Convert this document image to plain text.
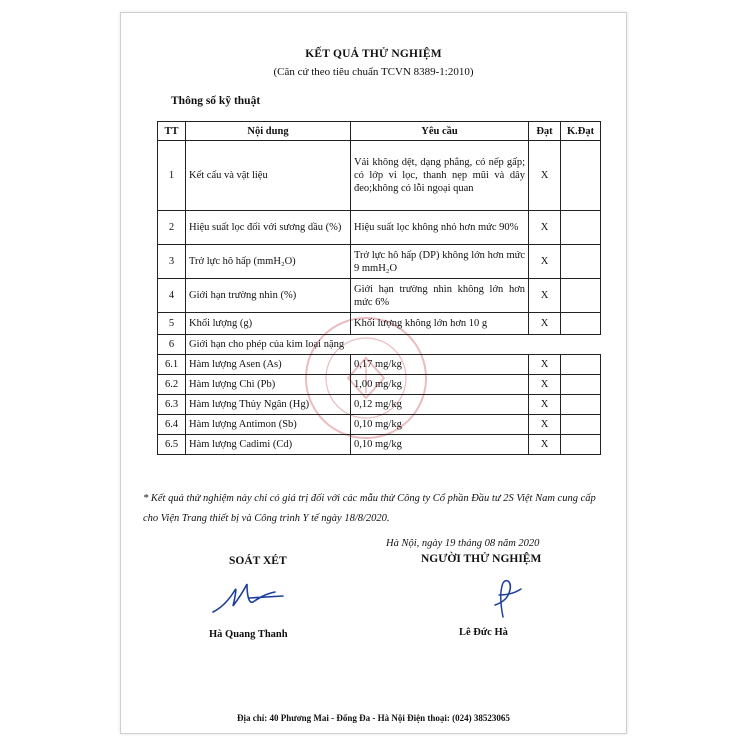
KẾT QUẢ THỬ NGHIỆM
(Căn cứ theo tiêu chuẩn TCVN 8389-1:2010)
Thông số kỹ thuật
TT	Nội dung	Yêu cầu	Đạt	K.Đạt
1	Kết cấu và vật liệu	Vải không dệt, dạng phẳng, có nếp gấp; có lớp vi lọc, thanh nẹp mũi và dây đeo;không có lỗi ngoại quan	X	
2	Hiệu suất lọc đối với sương dầu (%)	Hiệu suất lọc không nhỏ hơn mức 90%	X	
3	Trở lực hô hấp (mmH₂O)	Trở lực hô hấp (DP) không lớn hơn mức 9 mmH₂O	X	
4	Giới hạn trường nhìn (%)	Giới hạn trường nhìn không lớn hơn mức 6%	X	
5	Khối lượng (g)	Khối lượng không lớn hơn 10 g	X	
6	Giới hạn cho phép của kim loại nặng			
6.1	Hàm lượng Asen (As)	0,17 mg/kg	X	
6.2	Hàm lượng Chì (Pb)	1,00 mg/kg	X	
6.3	Hàm lượng Thủy Ngân (Hg)	0,12 mg/kg	X	
6.4	Hàm lượng Antimon (Sb)	0,10 mg/kg	X	
6.5	Hàm lượng Cadimi (Cd)	0,10 mg/kg	X	
* Kết quả thử nghiệm này chỉ có giá trị đối với các mẫu thử Công ty Cổ phần Đầu tư 2S Việt Nam cung cấp cho Viện Trang thiết bị và Công trình Y tế ngày 18/8/2020.
Hà Nội, ngày 19 tháng 08 năm 2020
SOÁT XÉT	NGƯỜI THỬ NGHIỆM
Hà Quang Thanh	Lê Đức Hà
Địa chỉ: 40 Phương Mai - Đống Đa - Hà Nội Điện thoại: (024) 38523065
